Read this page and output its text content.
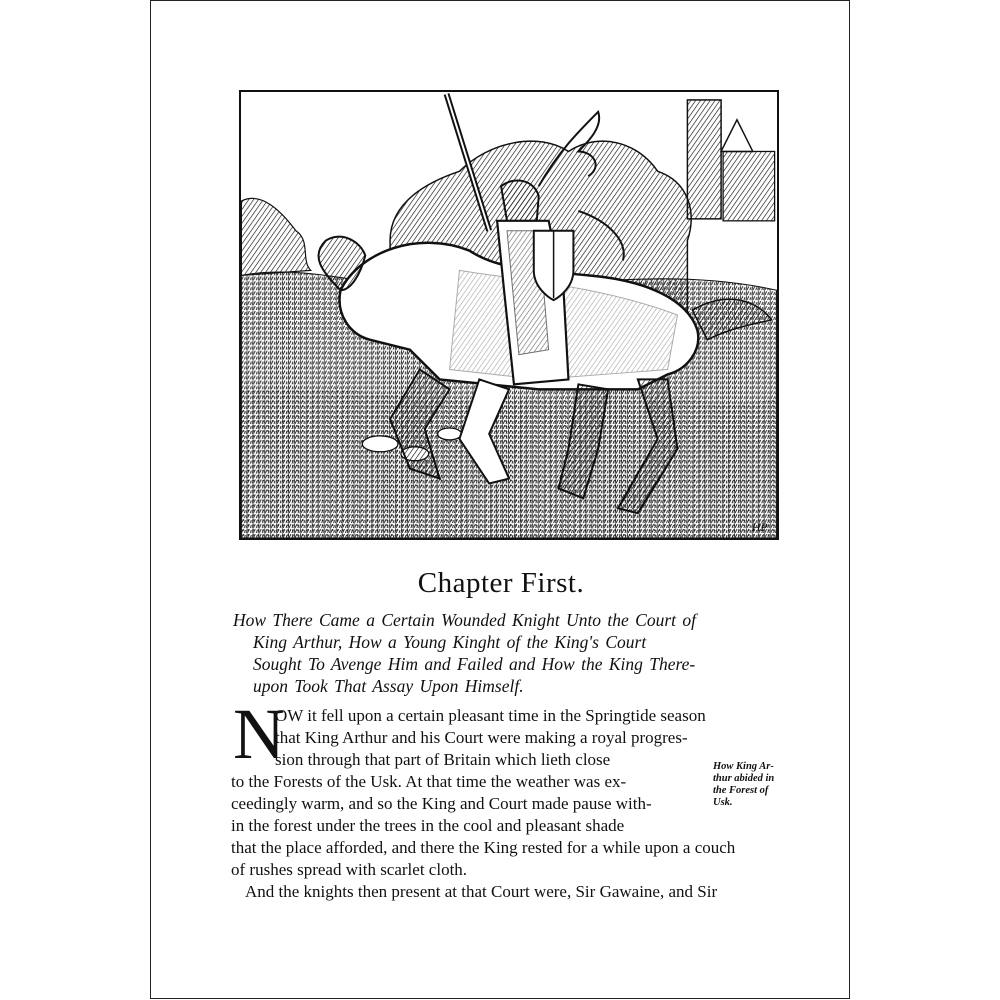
HP
Chapter First.
How There Came a Certain Wounded Knight Unto the Court of
King Arthur, How a Young Kinght of the King's Court
Sought To Avenge Him and Failed and How the King There-
upon Took That Assay Upon Himself.
N
OW it fell upon a certain pleasant time in the Springtide season
that King Arthur and his Court were making a royal progres-
sion through that part of Britain which lieth close
to the Forests of the Usk. At that time the weather was ex-
ceedingly warm, and so the King and Court made pause with-
in the forest under the trees in the cool and pleasant shade
that the place afforded, and there the King rested for a while upon a couch
of rushes spread with scarlet cloth.
And the knights then present at that Court were, Sir Gawaine, and Sir
How King Ar-
thur abided in
the Forest of
Usk.
